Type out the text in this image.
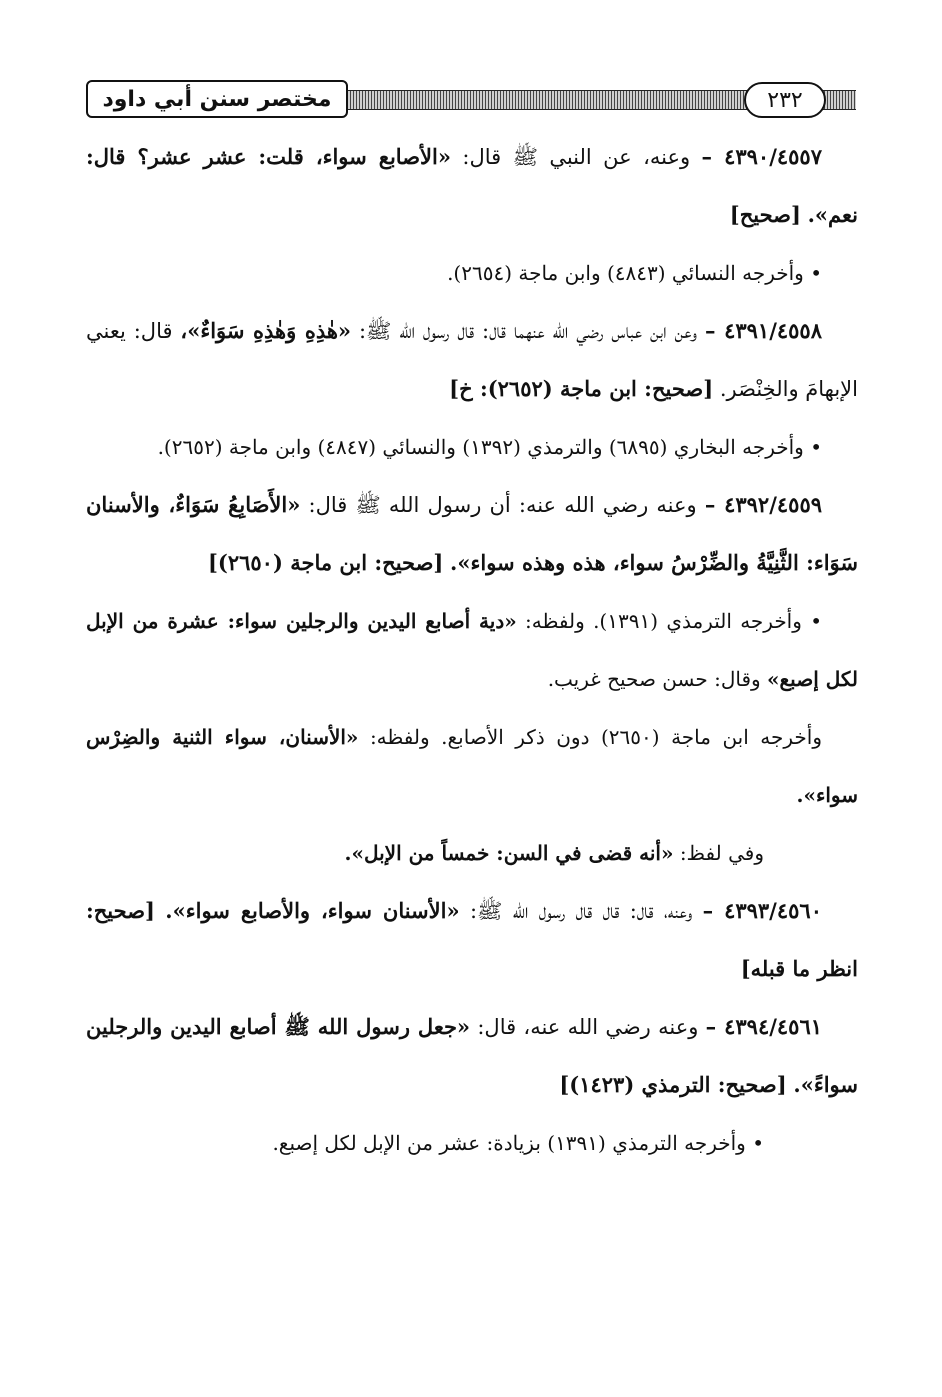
مختصر سنن أبي داود	٢٣٢

٤٣٩٠/٤٥٥٧ – وعنه، عن النبي ﷺ قال: «الأصابع سواء، قلت: عشر عشر؟ قال: نعم». [صحيح]

• وأخرجه النسائي (٤٨٤٣) وابن ماجة (٢٦٥٤).

٤٣٩١/٤٥٥٨ – وعن ابن عباس رضي الله عنهما قال: قال رسول الله ﷺ: «هٰذِهِ وَهٰذِهِ سَوَاءٌ»، قال: يعني الإبهامَ والخِنْصَر. [صحيح: ابن ماجة (٢٦٥٢): خ]

• وأخرجه البخاري (٦٨٩٥) والترمذي (١٣٩٢) والنسائي (٤٨٤٧) وابن ماجة (٢٦٥٢).

٤٣٩٢/٤٥٥٩ – وعنه رضي الله عنه: أن رسول الله ﷺ قال: «الأَصَابِعُ سَوَاءٌ، والأسنان سَوَاء: الثَّنِيَّةُ والضِّرْسُ سواء، هذه وهذه سواء». [صحيح: ابن ماجة (٢٦٥٠)]

• وأخرجه الترمذي (١٣٩١). ولفظه: «دية أصابع اليدين والرجلين سواء: عشرة من الإبل لكل إصبع» وقال: حسن صحيح غريب.

وأخرجه ابن ماجة (٢٦٥٠) دون ذكر الأصابع. ولفظه: «الأسنان، سواء الثنية والضِرْس سواء».

وفي لفظ: «أنه قضى في السن: خمساً من الإبل».

٤٣٩٣/٤٥٦٠ – وعنه، قال: قال قال رسول الله ﷺ: «الأسنان سواء، والأصابع سواء». [صحيح: انظر ما قبله]

٤٣٩٤/٤٥٦١ – وعنه رضي الله عنه، قال: «جعل رسول الله ﷺ أصابع اليدين والرجلين سواءً». [صحيح: الترمذي (١٤٢٣)]

• وأخرجه الترمذي (١٣٩١) بزيادة: عشر من الإبل لكل إصبع.
